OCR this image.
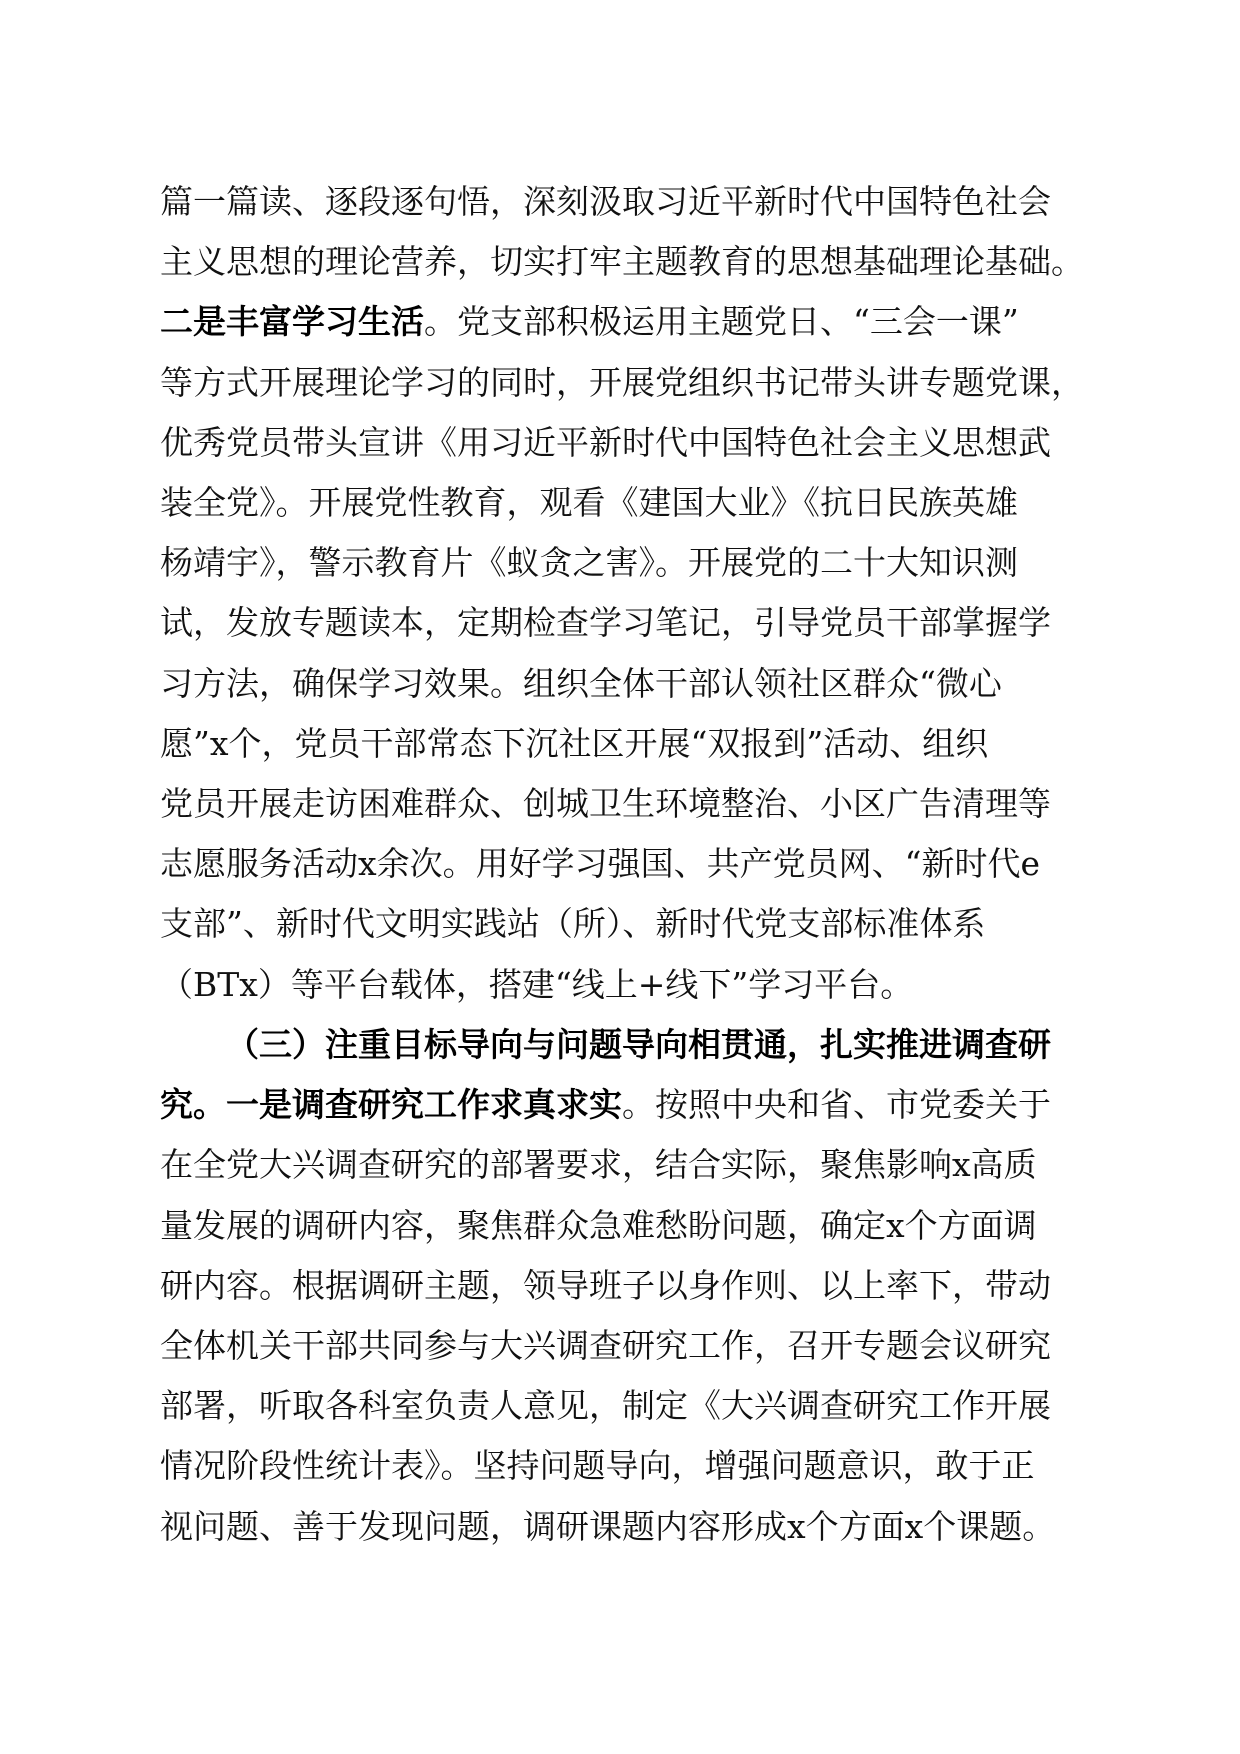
篇一篇读、逐段逐句悟，深刻汲取习近平新时代中国特色社会
主义思想的理论营养，切实打牢主题教育的思想基础理论基础。
二是丰富学习生活。党支部积极运用主题党日、“三会一课”
等方式开展理论学习的同时，开展党组织书记带头讲专题党课，
优秀党员带头宣讲《用习近平新时代中国特色社会主义思想武
装全党》。开展党性教育，观看《建国大业》《抗日民族英雄
杨靖宇》，警示教育片《蚁贪之害》。开展党的二十大知识测
试，发放专题读本，定期检查学习笔记，引导党员干部掌握学
习方法，确保学习效果。组织全体干部认领社区群众“微心
愿”x个，党员干部常态下沉社区开展“双报到”活动、组织
党员开展走访困难群众、创城卫生环境整治、小区广告清理等
志愿服务活动x余次。用好学习强国、共产党员网、“新时代e
支部”、新时代文明实践站（所）、新时代党支部标准体系
（BTx）等平台载体，搭建“线上+线下”学习平台。
（三）注重目标导向与问题导向相贯通，扎实推进调查研
究。一是调查研究工作求真求实。按照中央和省、市党委关于
在全党大兴调查研究的部署要求，结合实际，聚焦影响x高质
量发展的调研内容，聚焦群众急难愁盼问题，确定x个方面调
研内容。根据调研主题，领导班子以身作则、以上率下，带动
全体机关干部共同参与大兴调查研究工作，召开专题会议研究
部署，听取各科室负责人意见，制定《大兴调查研究工作开展
情况阶段性统计表》。坚持问题导向，增强问题意识，敢于正
视问题、善于发现问题，调研课题内容形成x个方面x个课题。
